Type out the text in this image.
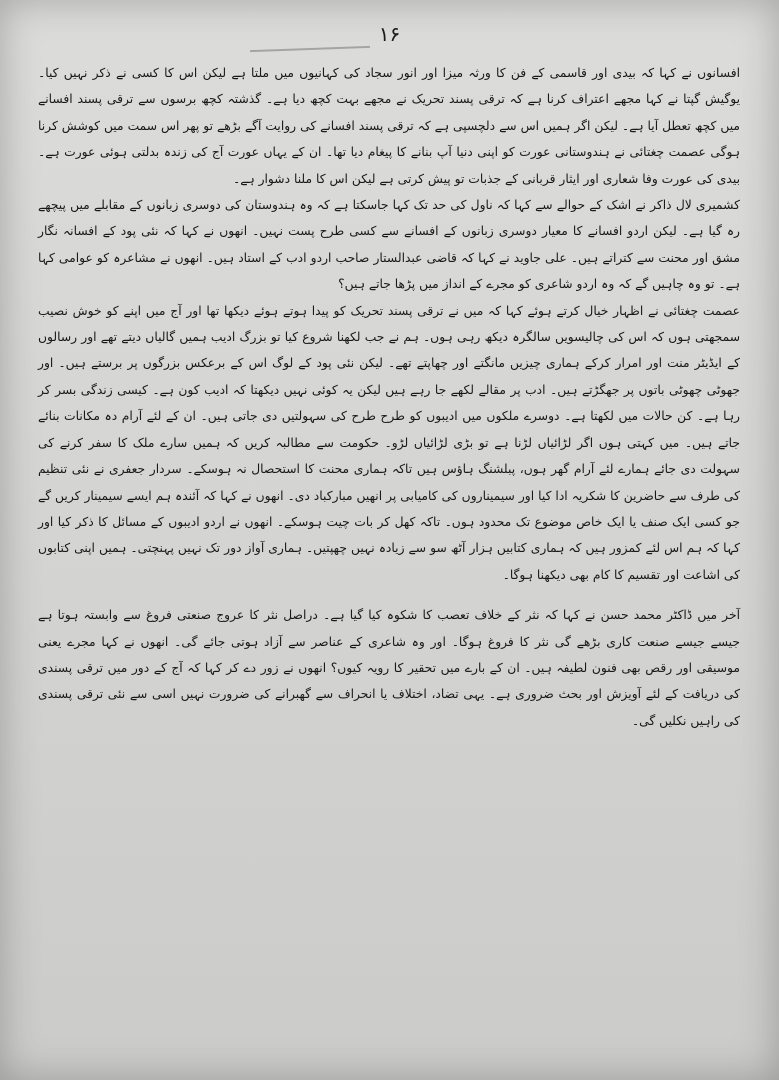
۱۶

افسانوں نے کہا کہ بیدی اور قاسمی کے فن کا ورثہ میزا اور انور سجاد کی کہانیوں میں ملتا ہے لیکن اس کا کسی نے ذکر نہیں کیا۔ یوگیش گپتا نے کہا مجھے اعتراف کرنا ہے کہ ترقی پسند تحریک نے مجھے بہت کچھ دیا ہے۔ گذشتہ کچھ برسوں سے ترقی پسند افسانے میں کچھ تعطل آیا ہے۔ لیکن اگر ہمیں اس سے دلچسپی ہے کہ ترقی پسند افسانے کی روایت آگے بڑھے تو پھر اس سمت میں کوشش کرنا ہوگی عصمت چغتائی نے ہندوستانی عورت کو اپنی دنیا آپ بنانے کا پیغام دیا تھا۔ ان کے یہاں عورت آج کی زندہ بدلتی ہوئی عورت ہے۔ بیدی کی عورت وفا شعاری اور ایثار قربانی کے جذبات تو پیش کرتی ہے لیکن اس کا ملنا دشوار ہے۔

کشمیری لال ذاکر نے اشک کے حوالے سے کہا کہ ناول کی حد تک کہا جاسکتا ہے کہ وہ ہندوستان کی دوسری زبانوں کے مقابلے میں پیچھے رہ گیا ہے۔ لیکن اردو افسانے کا معیار دوسری زبانوں کے افسانے سے کسی طرح پست نہیں۔ انھوں نے کہا کہ نئی پود کے افسانہ نگار مشق اور محنت سے کتراتے ہیں۔ علی جاوید نے کہا کہ قاضی عبدالستار صاحب اردو ادب کے استاد ہیں۔ انھوں نے مشاعرہ کو عوامی کہا ہے۔ تو وہ چاہیں گے کہ وہ اردو شاعری کو مجرے کے انداز میں پڑھا جاتے ہیں؟

عصمت چغتائی نے اظہار خیال کرتے ہوئے کہا کہ میں نے ترقی پسند تحریک کو پیدا ہوتے ہوئے دیکھا تھا اور آج میں اپنے کو خوش نصیب سمجھتی ہوں کہ اس کی چالیسویں سالگرہ دیکھ رہی ہوں۔ ہم نے جب لکھنا شروع کیا تو بزرگ ادیب ہمیں گالیاں دیتے تھے اور رسالوں کے ایڈیٹر منت اور امرار کرکے ہماری چیزیں مانگتے اور چھاپتے تھے۔ لیکن نئی پود کے لوگ اس کے برعکس بزرگوں پر برستے ہیں۔ اور جھوٹی چھوٹی باتوں پر جھگڑتے ہیں۔ ادب پر مقالے لکھے جا رہے ہیں لیکن یہ کوئی نہیں دیکھتا کہ ادیب کون ہے۔ کیسی زندگی بسر کر رہا ہے۔ کن حالات میں لکھتا ہے۔ دوسرے ملکوں میں ادیبوں کو طرح طرح کی سہولتیں دی جاتی ہیں۔ ان کے لئے آرام دہ مکانات بنائے جاتے ہیں۔ میں کہتی ہوں اگر لڑائیاں لڑنا ہے تو بڑی لڑائیاں لڑو۔ حکومت سے مطالبہ کریں کہ ہمیں سارے ملک کا سفر کرنے کی سہولت دی جائے ہمارے لئے آرام گھر ہوں، پبلشنگ ہاؤس ہیں تاکہ ہماری محنت کا استحصال نہ ہوسکے۔ سردار جعفری نے نئی تنظیم کی طرف سے حاضرین کا شکریہ ادا کیا اور سیمیناروں کی کامیابی پر انھیں مبارکباد دی۔ انھوں نے کہا کہ آئندہ ہم ایسے سیمینار کریں گے جو کسی ایک صنف یا ایک خاص موضوع تک محدود ہوں۔ تاکہ کھل کر بات چیت ہوسکے۔ انھوں نے اردو ادیبوں کے مسائل کا ذکر کیا اور کہا کہ ہم اس لئے کمزور ہیں کہ ہماری کتابیں ہزار آٹھ سو سے زیادہ نہیں چھپتیں۔ ہماری آواز دور تک نہیں پہنچتی۔ ہمیں اپنی کتابوں کی اشاعت اور تقسیم کا کام بھی دیکھنا ہوگا۔

آخر میں ڈاکٹر محمد حسن نے کہا کہ نثر کے خلاف تعصب کا شکوہ کیا گیا ہے۔ دراصل نثر کا عروج صنعتی فروغ سے وابستہ ہوتا ہے جیسے جیسے صنعت کاری بڑھے گی نثر کا فروغ ہوگا۔ اور وہ شاعری کے عناصر سے آزاد ہوتی جائے گی۔ انھوں نے کہا مجرے یعنی موسیقی اور رقص بھی فنون لطیفہ ہیں۔ ان کے بارے میں تحقیر کا رویہ کیوں؟ انھوں نے زور دے کر کہا کہ آج کے دور میں ترقی پسندی کی دریافت کے لئے آویزش اور بحث ضروری ہے۔ یہی تضاد، اختلاف یا انحراف سے گھبرانے کی ضرورت نہیں اسی سے نئی ترقی پسندی کی راہیں نکلیں گی۔
